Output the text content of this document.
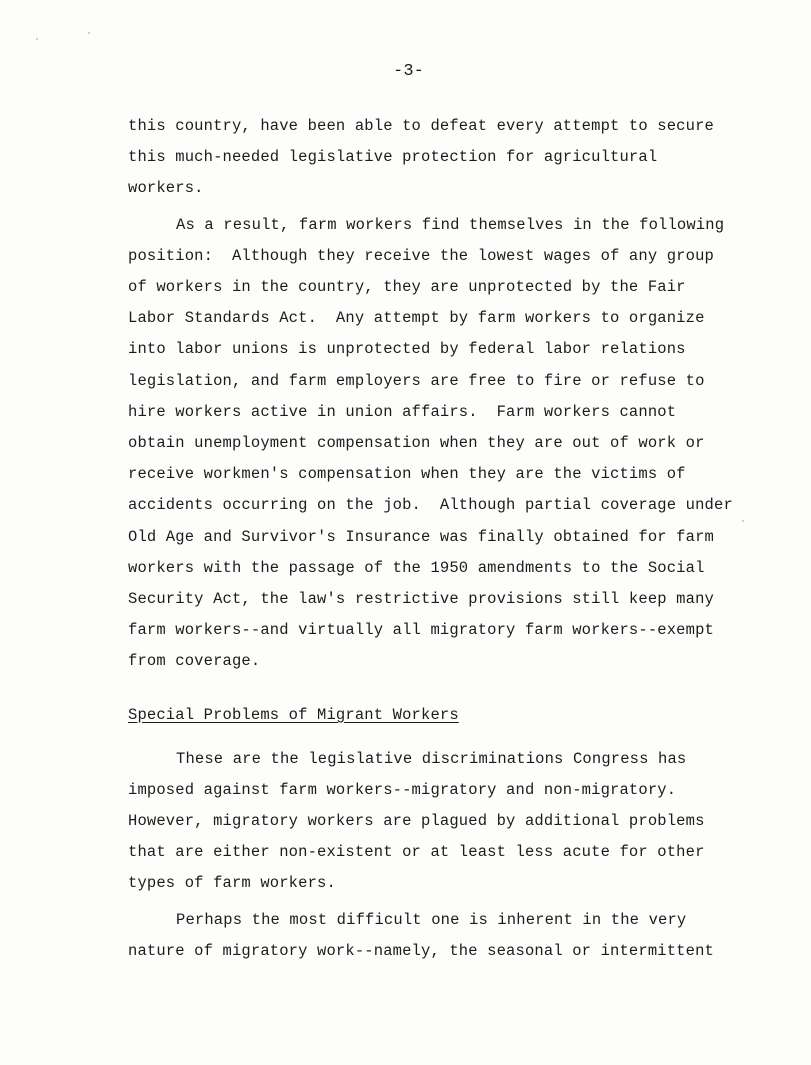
-3-
this country, have been able to defeat every attempt to secure
this much-needed legislative protection for agricultural
workers.
As a result, farm workers find themselves in the following
position:  Although they receive the lowest wages of any group
of workers in the country, they are unprotected by the Fair
Labor Standards Act.  Any attempt by farm workers to organize
into labor unions is unprotected by federal labor relations
legislation, and farm employers are free to fire or refuse to
hire workers active in union affairs.  Farm workers cannot
obtain unemployment compensation when they are out of work or
receive workmen's compensation when they are the victims of
accidents occurring on the job.  Although partial coverage under
Old Age and Survivor's Insurance was finally obtained for farm
workers with the passage of the 1950 amendments to the Social
Security Act, the law's restrictive provisions still keep many
farm workers--and virtually all migratory farm workers--exempt
from coverage.
Special Problems of Migrant Workers
These are the legislative discriminations Congress has
imposed against farm workers--migratory and non-migratory.
However, migratory workers are plagued by additional problems
that are either non-existent or at least less acute for other
types of farm workers.
Perhaps the most difficult one is inherent in the very
nature of migratory work--namely, the seasonal or intermittent
